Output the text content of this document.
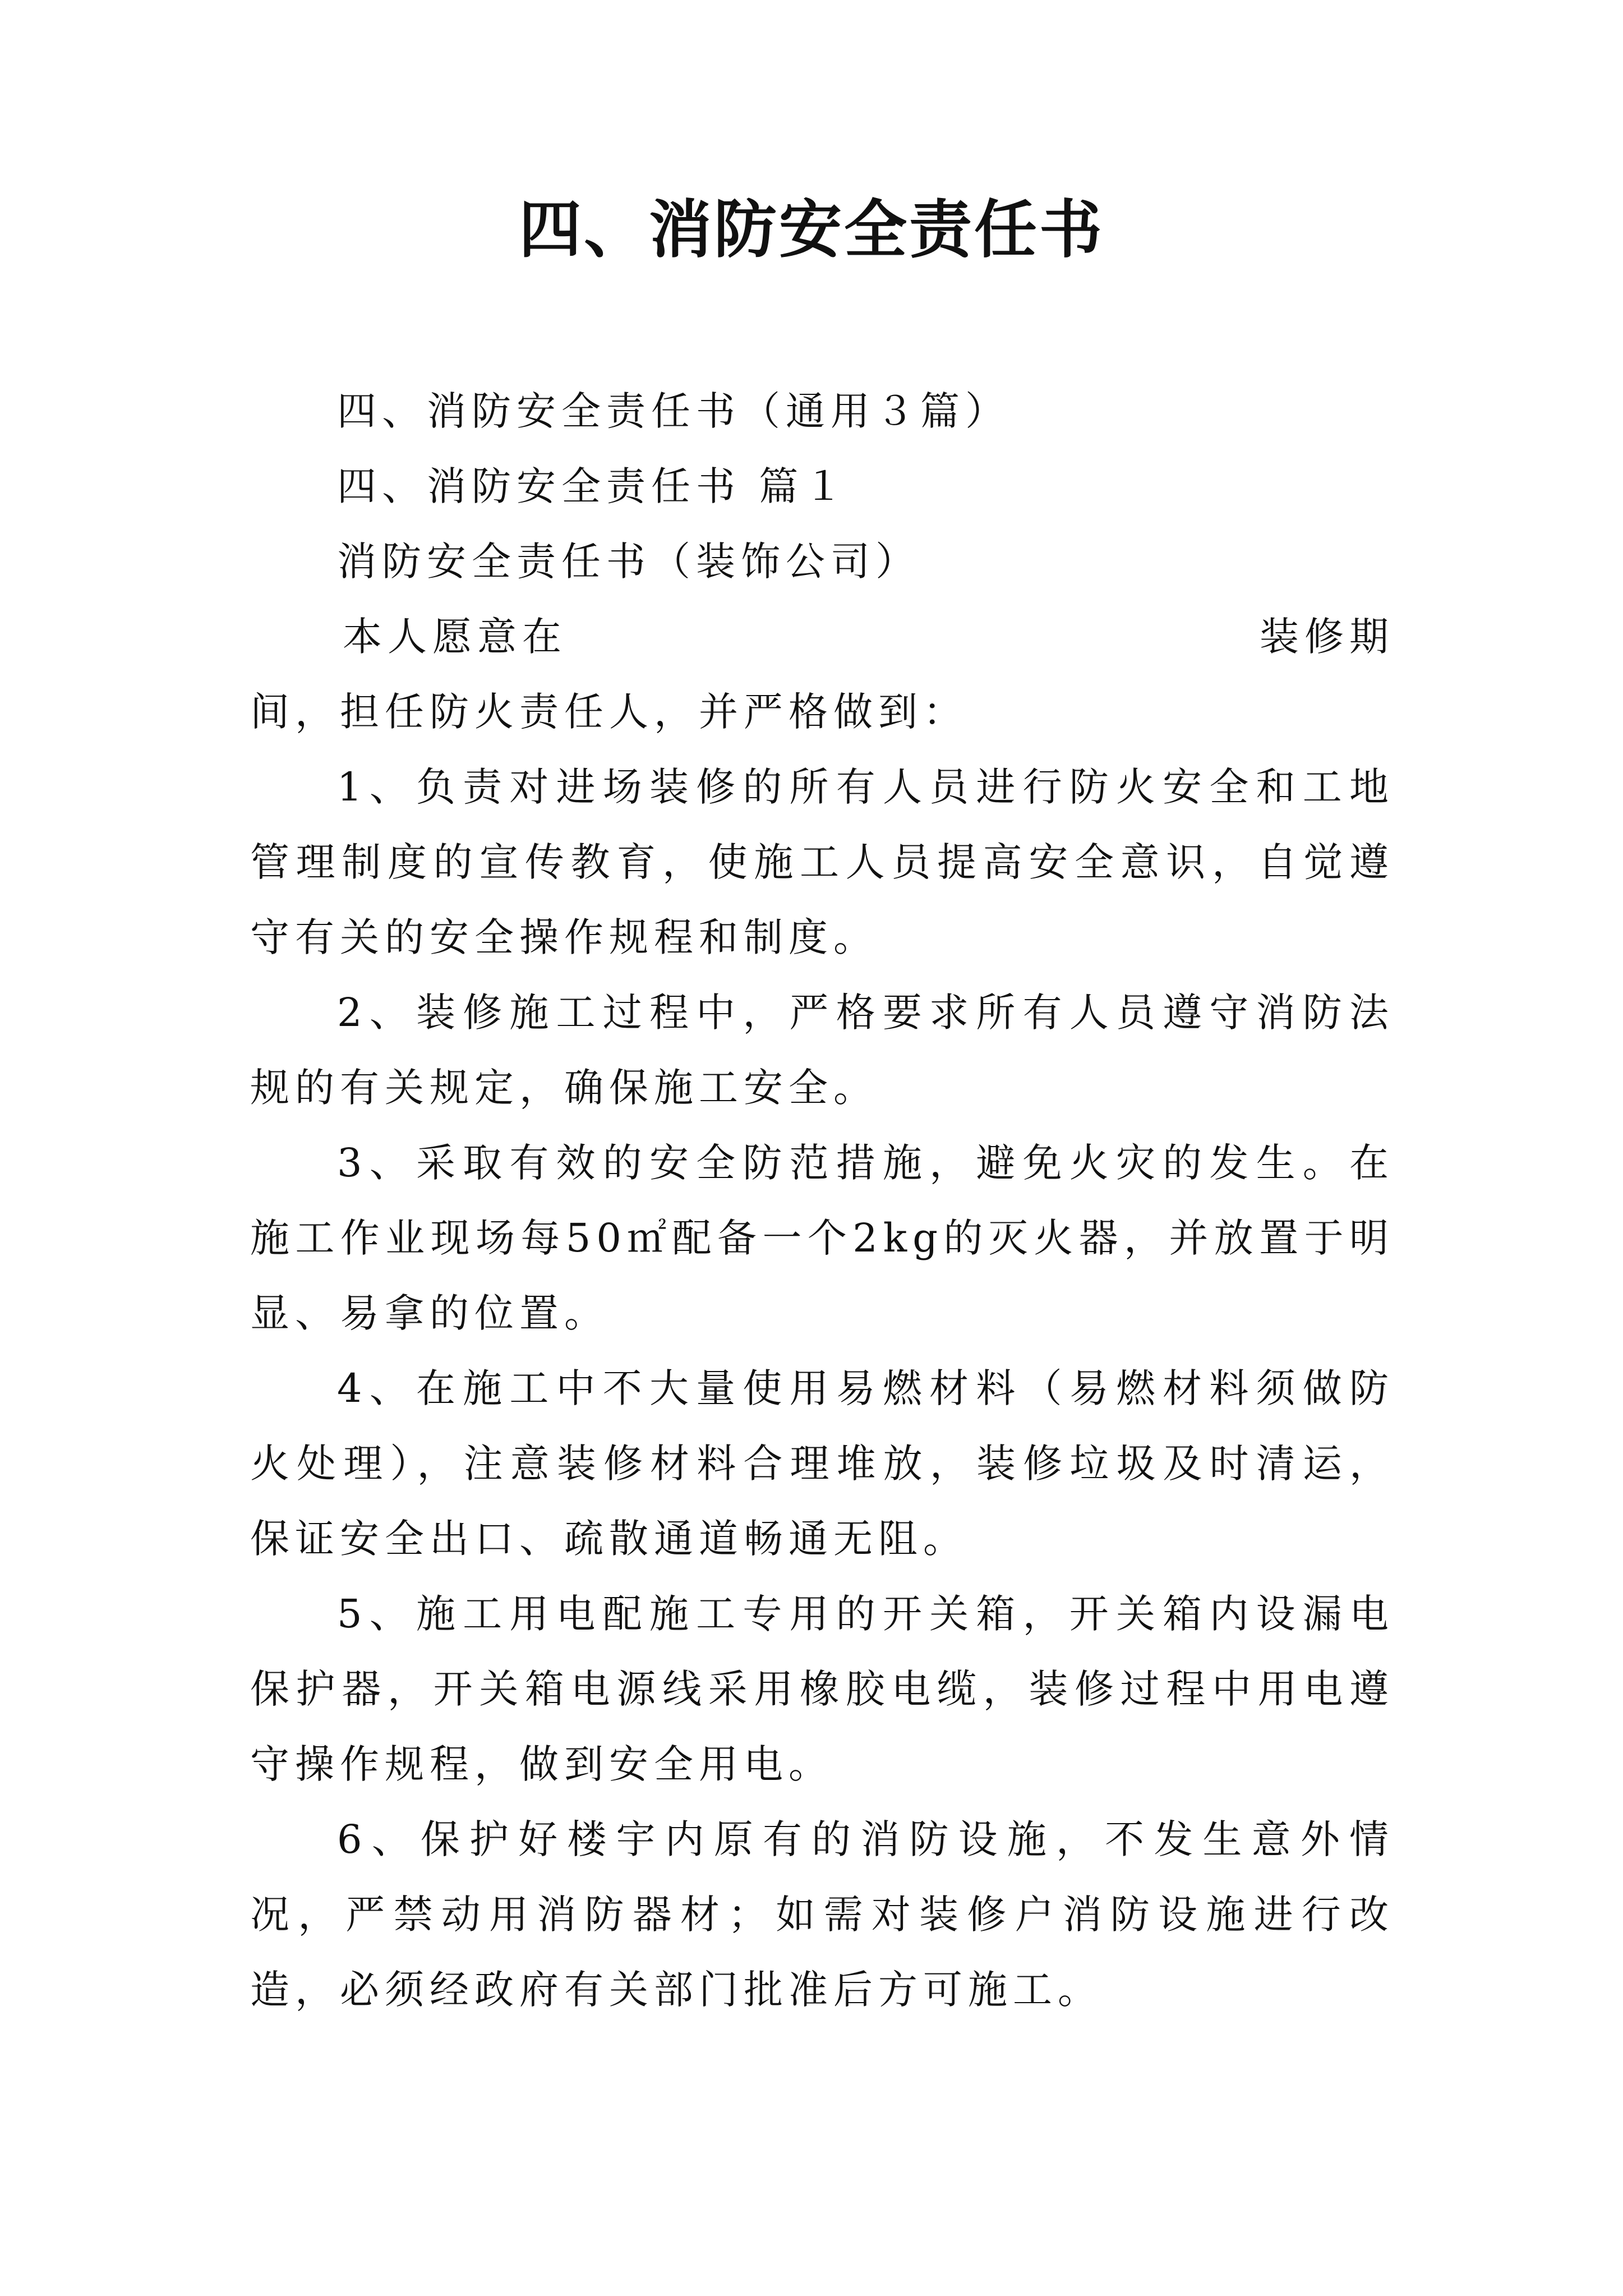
四、消防安全责任书

四、消防安全责任书（通用３篇）

四、消防安全责任书 篇１

消防安全责任书（装饰公司）

本人愿意在	装修期

间，担任防火责任人，并严格做到：

1、负责对进场装修的所有人员进行防火安全和工地管理制度的宣传教育，使施工人员提高安全意识，自觉遵守有关的安全操作规程和制度。

2、装修施工过程中，严格要求所有人员遵守消防法规的有关规定，确保施工安全。

3、采取有效的安全防范措施，避免火灾的发生。在施工作业现场每50㎡配备一个2kg的灭火器，并放置于明显、易拿的位置。

4、在施工中不大量使用易燃材料（易燃材料须做防火处理），注意装修材料合理堆放，装修垃圾及时清运，保证安全出口、疏散通道畅通无阻。

5、施工用电配施工专用的开关箱，开关箱内设漏电保护器，开关箱电源线采用橡胶电缆，装修过程中用电遵守操作规程，做到安全用电。

6、保护好楼宇内原有的消防设施，不发生意外情况，严禁动用消防器材；如需对装修户消防设施进行改造，必须经政府有关部门批准后方可施工。
